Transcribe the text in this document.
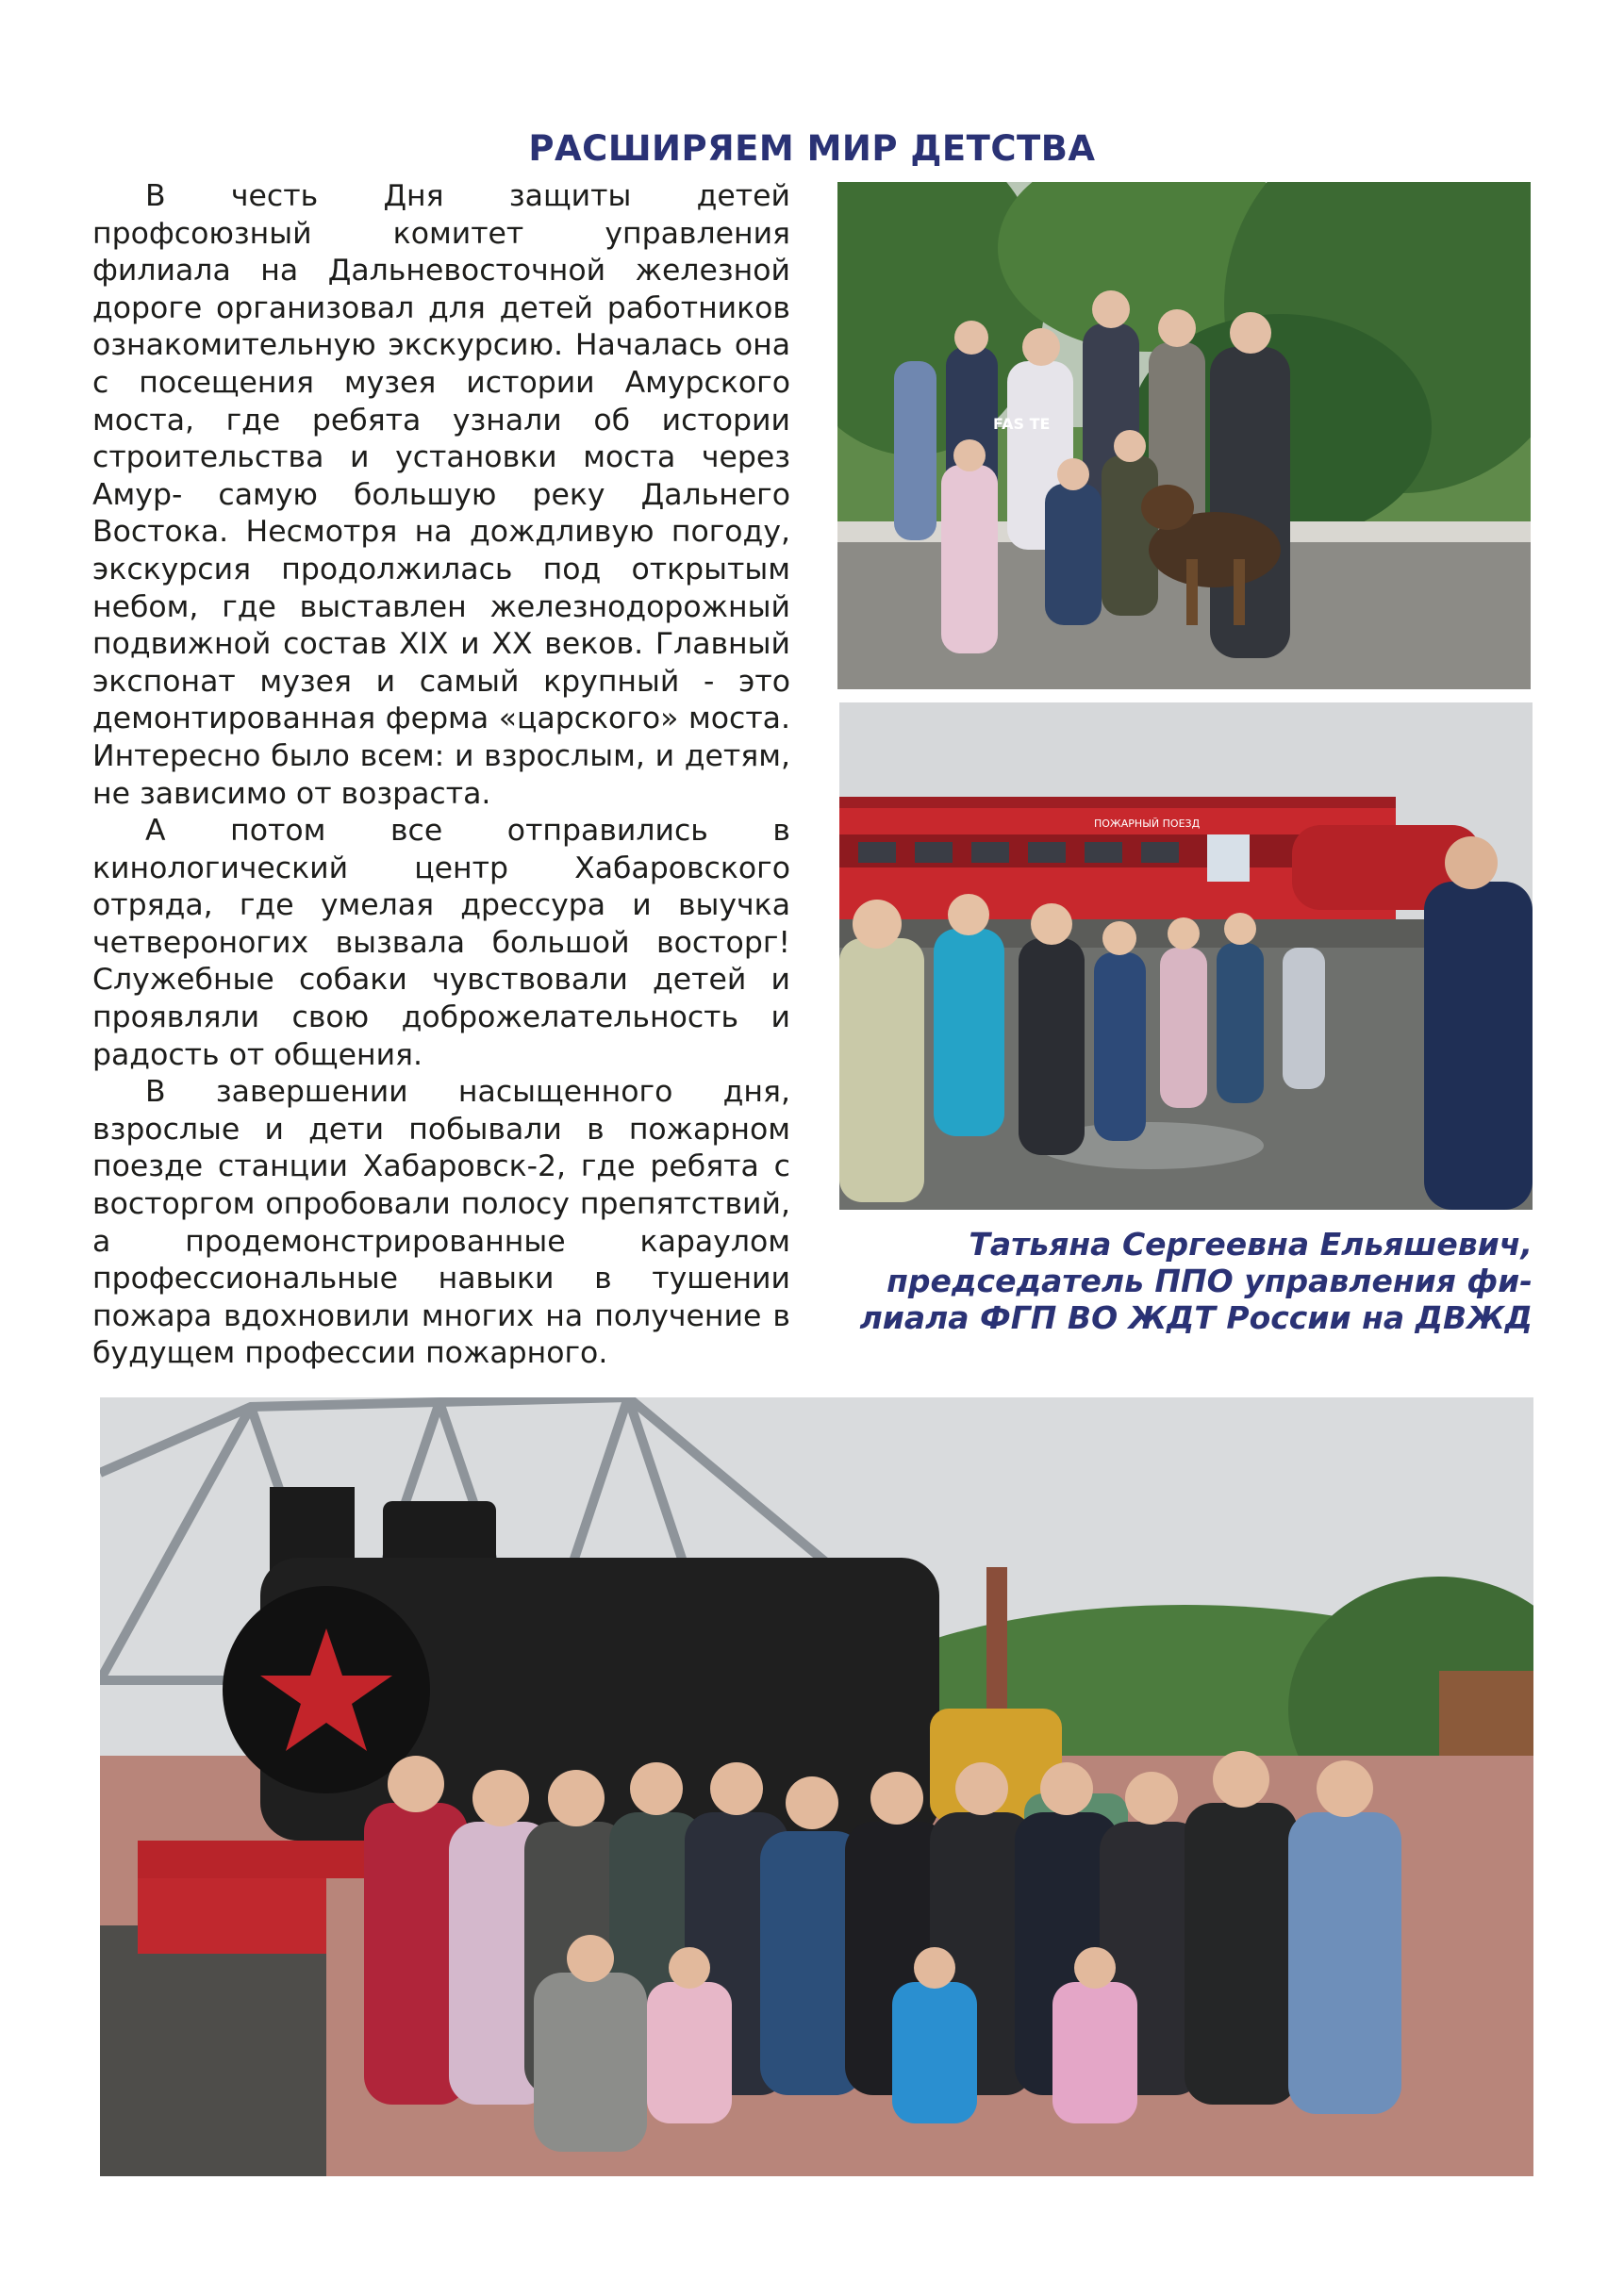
РАСШИРЯЕМ МИР ДЕТСТВА

В честь Дня защиты детей профсоюзный комитет управления филиала на Дальневосточной железной дороге организовал для детей работников ознакомительную экскурсию. Началась она с посещения музея истории Амурского моста, где ребята узнали об истории строительства и установки моста через Амур- самую большую реку Дальнего Востока. Несмотря на дождливую погоду, экскурсия продолжилась под открытым небом, где выставлен железнодорожный подвижной состав XIX и XX веков. Главный экспонат музея и самый крупный - это демонтированная ферма «царского» моста. Интересно было всем: и взрослым, и детям, не зависимо от возраста.

А потом все отправились в кинологический центр Хабаровского отряда, где умелая дрессура и выучка четвероногих вызвала большой восторг! Служебные собаки чувствовали детей и проявляли свою доброжелательность и радость от общения.

В завершении насыщенного дня, взрослые и дети побывали в пожарном поезде станции Хабаровск-2, где ребята с восторгом опробовали полосу препятствий, а продемонстрированные караулом профессиональные навыки в тушении пожара вдохновили многих на получение в будущем профессии пожарного.

FAS TE
ПОЖАРНЫЙ ПОЕЗД
Татьяна Сергеевна Ельяшевич,
председатель ППО управления фи-
лиала ФГП ВО ЖДТ России на ДВЖД
